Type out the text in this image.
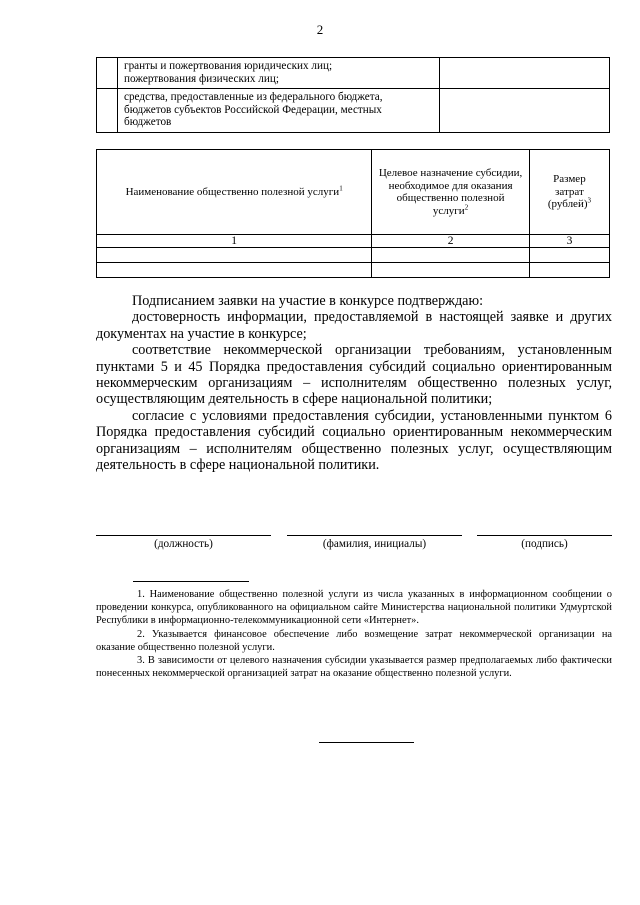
2

	гранты и пожертвования юридических лиц;
пожертвования физических лиц;	

	средства, предоставленные из федерального бюджета,
бюджетов субъектов Российской Федерации, местных
бюджетов	

Наименование общественно полезной услуги$^1$	Целевое назначение субсидии, необходимое для оказания общественно полезной услуги$^2$	Размер затрат (рублей)$^3$
1	2	3

Подписанием заявки на участие в конкурсе подтверждаю:

достоверность информации, предоставляемой в настоящей заявке и других документах на участие в конкурсе;

соответствие некоммерческой организации требованиям, установленным пунктами 5 и 45 Порядка предоставления субсидий социально ориентированным некоммерческим организациям – исполнителям общественно полезных услуг, осуществляющим деятельность в сфере национальной политики;

согласие с условиями предоставления субсидии, установленными пунктом 6 Порядка предоставления субсидий социально ориентированным некоммерческим организациям – исполнителям общественно полезных услуг, осуществляющим деятельность в сфере национальной политики.

(должность)	(фамилия, инициалы)	(подпись)

1. Наименование общественно полезной услуги из числа указанных в информационном сообщении о проведении конкурса, опубликованного на официальном сайте Министерства национальной политики Удмуртской Республики в информационно-телекоммуникационной сети «Интернет».

2. Указывается финансовое обеспечение либо возмещение затрат некоммерческой организации на оказание общественно полезной услуги.

3. В зависимости от целевого назначения субсидии указывается размер предполагаемых либо фактически понесенных некоммерческой организацией затрат на оказание общественно полезной услуги.
